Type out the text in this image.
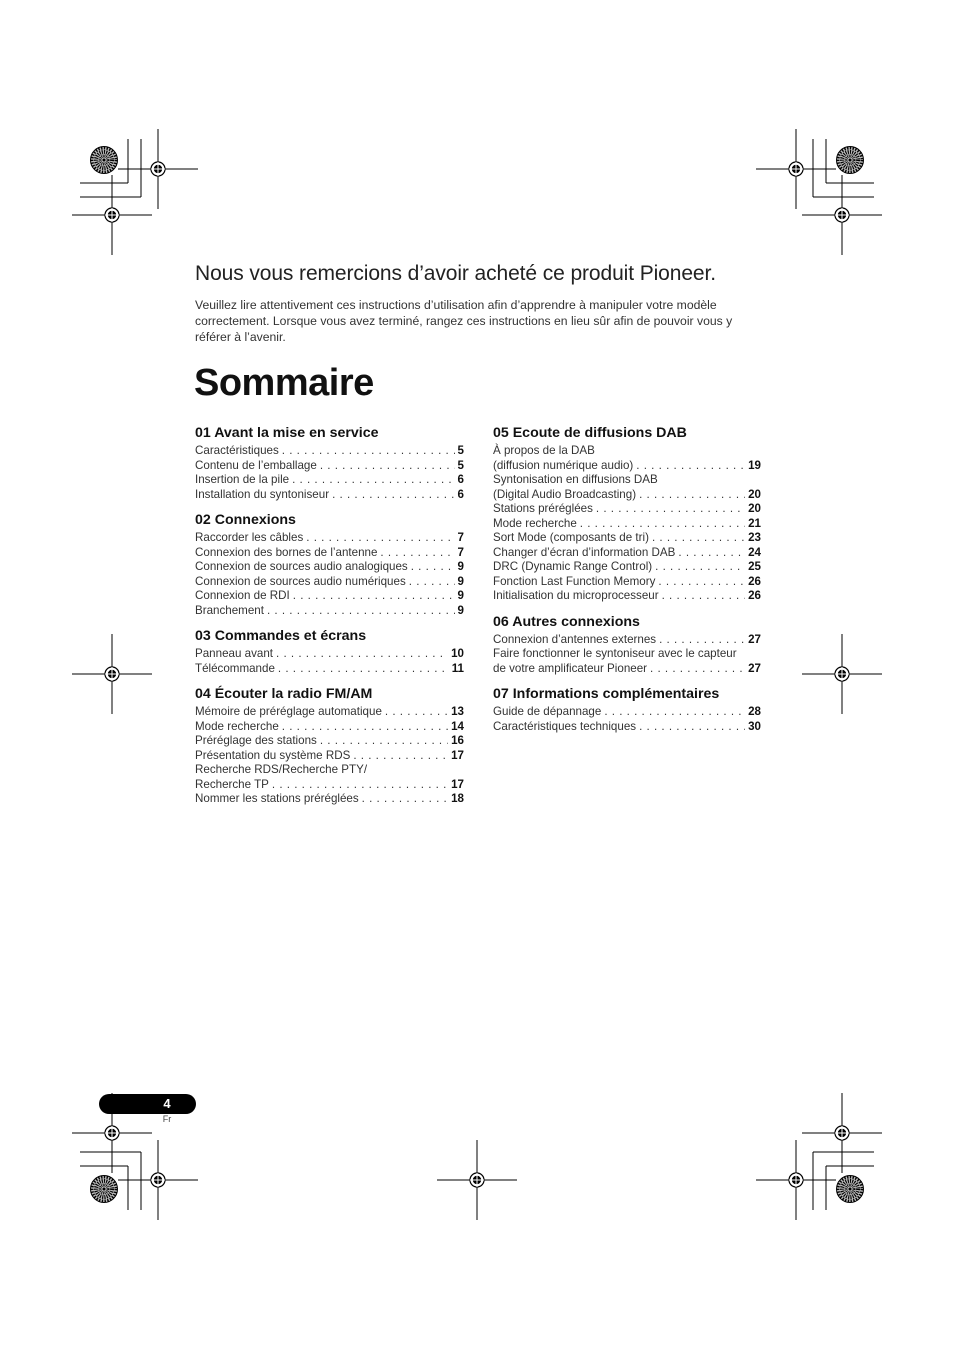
Nous vous remercions d’avoir acheté ce produit Pioneer.

Veuillez lire attentivement ces instructions d’utilisation afin d’apprendre à manipuler votre modèle correctement. Lorsque vous avez terminé, rangez ces instructions en lieu sûr afin de pouvoir vous y référer à l’avenir.

Sommaire
01 Avant la mise en service
Caractéristiques . . .	5
Contenu de l’emballage . . .	5
Insertion de la pile . . .	6
Installation du syntoniseur . . .	6
02 Connexions
Raccorder les câbles . . .	7
Connexion des bornes de l’antenne . . .	7
Connexion de sources audio analogiques . . .	9
Connexion de sources audio numériques . . .	9
Connexion de RDI . . .	9
Branchement . . .	9
03 Commandes et écrans
Panneau avant . . .	10
Télécommande . . .	11
04 Écouter la radio FM/AM
Mémoire de préréglage automatique . . .	13
Mode recherche . . .	14
Préréglage des stations . . .	16
Présentation du système RDS . . .	17
Recherche RDS/Recherche PTY/
Recherche TP . . .	17
Nommer les stations préréglées . . .	18
05 Ecoute de diffusions DAB
À propos de la DAB
(diffusion numérique audio) . . .	19
Syntonisation en diffusions DAB
(Digital Audio Broadcasting) . . .	20
Stations préréglées . . .	20
Mode recherche . . .	21
Sort Mode (composants de tri) . . .	23
Changer d’écran d’information DAB . . .	24
DRC (Dynamic Range Control) . . .	25
Fonction Last Function Memory . . .	26
Initialisation du microprocesseur . . .	26
06 Autres connexions
Connexion d’antennes externes . . .	27
Faire fonctionner le syntoniseur avec le capteur
de votre amplificateur Pioneer . . .	27
07 Informations complémentaires
Guide de dépannage . . .	28
Caractéristiques techniques . . .	30
4
Fr
